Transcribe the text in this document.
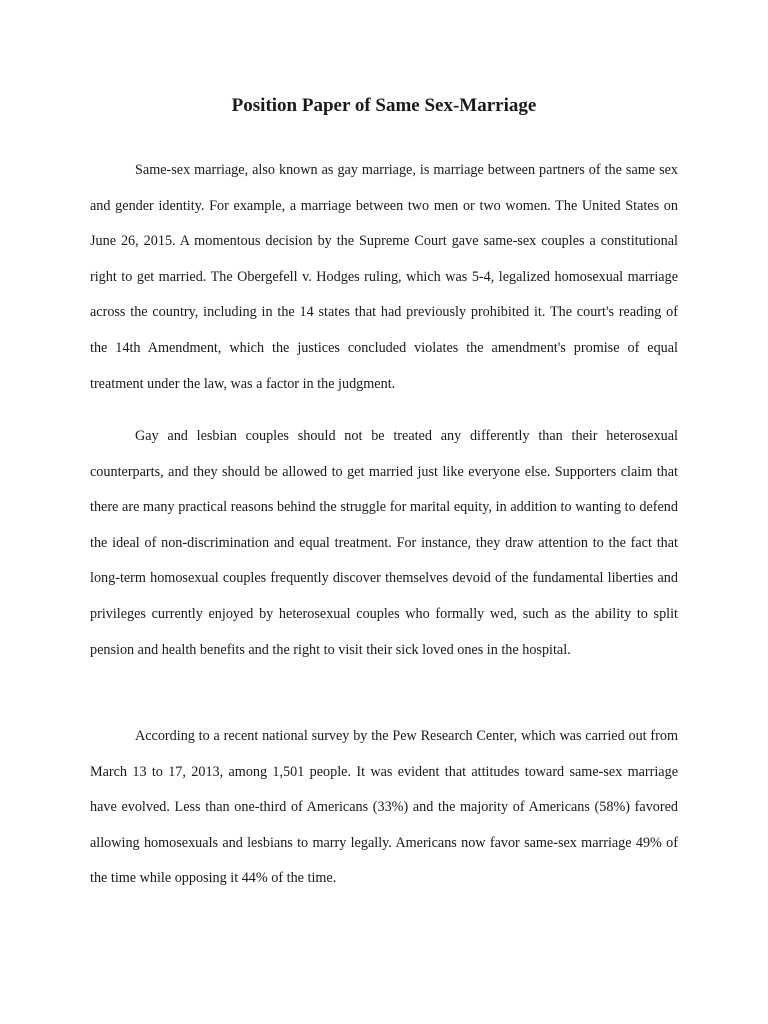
Position Paper of Same Sex-Marriage

Same-sex marriage, also known as gay marriage, is marriage between partners of the same sex and gender identity. For example, a marriage between two men or two women. The United States on June 26, 2015. A momentous decision by the Supreme Court gave same-sex couples a constitutional right to get married. The Obergefell v. Hodges ruling, which was 5-4, legalized homosexual marriage across the country, including in the 14 states that had previously prohibited it. The court's reading of the 14th Amendment, which the justices concluded violates the amendment's promise of equal treatment under the law, was a factor in the judgment.

Gay and lesbian couples should not be treated any differently than their heterosexual counterparts, and they should be allowed to get married just like everyone else. Supporters claim that there are many practical reasons behind the struggle for marital equity, in addition to wanting to defend the ideal of non-discrimination and equal treatment. For instance, they draw attention to the fact that long-term homosexual couples frequently discover themselves devoid of the fundamental liberties and privileges currently enjoyed by heterosexual couples who formally wed, such as the ability to split pension and health benefits and the right to visit their sick loved ones in the hospital.

According to a recent national survey by the Pew Research Center, which was carried out from March 13 to 17, 2013, among 1,501 people. It was evident that attitudes toward same-sex marriage have evolved. Less than one-third of Americans (33%) and the majority of Americans (58%) favored allowing homosexuals and lesbians to marry legally. Americans now favor same-sex marriage 49% of the time while opposing it 44% of the time.
